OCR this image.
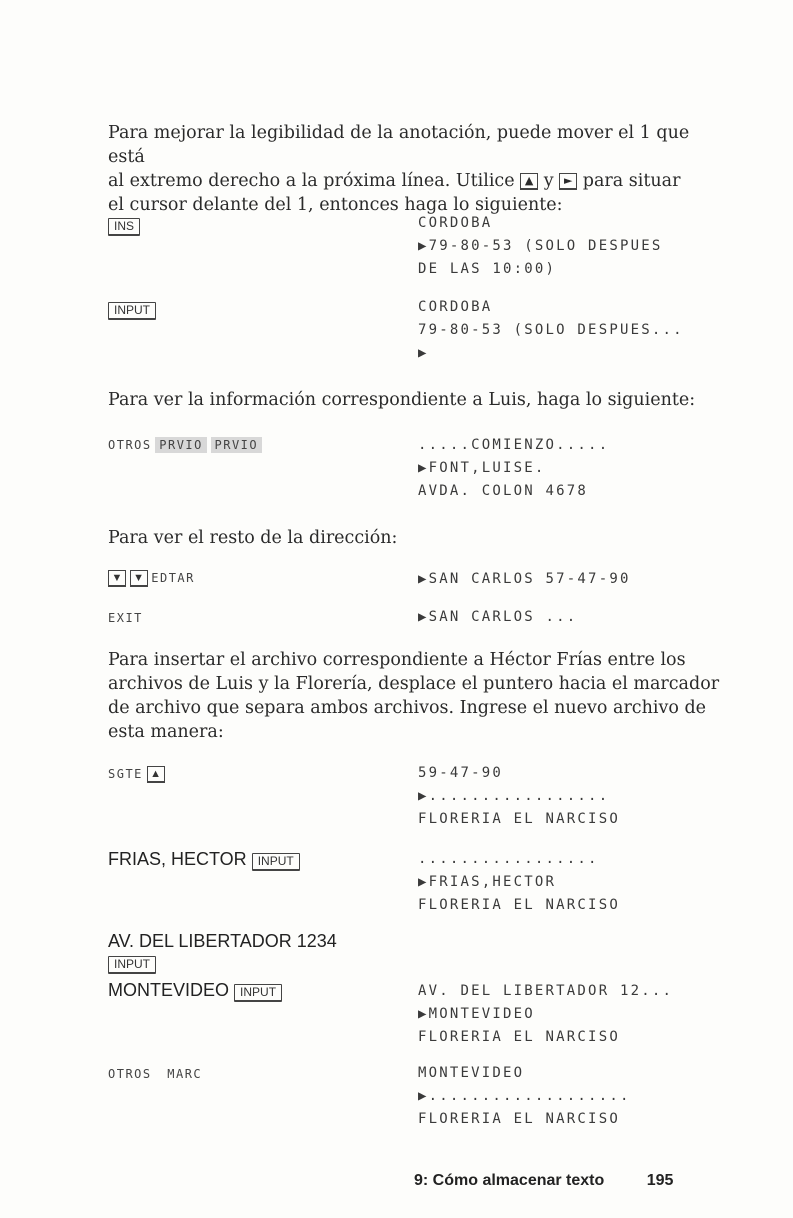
Para mejorar la legibilidad de la anotación, puede mover el 1 que está
al extremo derecho a la próxima línea. Utilice ▲ y ► para situar
el cursor delante del 1, entonces haga lo siguiente:
INS	CORDOBA
▶79-80-53 (SOLO DESPUES
DE LAS 10:00)
INPUT	CORDOBA
79-80-53 (SOLO DESPUES...
▶
Para ver la información correspondiente a Luis, haga lo siguiente:
OTROS PRVIO PRVIO	.....COMIENZO.....
▶FONT,LUISE.
AVDA. COLON 4678
Para ver el resto de la dirección:
▼ ▼ EDTAR	▶SAN CARLOS 57-47-90
EXIT	▶SAN CARLOS ...
Para insertar el archivo correspondiente a Héctor Frías entre los
archivos de Luis y la Florería, desplace el puntero hacia el marcador
de archivo que separa ambos archivos. Ingrese el nuevo archivo de
esta manera:
SGTE ▲	59-47-90
▶.................
FLORERIA EL NARCISO
FRIAS, HECTOR INPUT	.................
▶FRIAS,HECTOR
FLORERIA EL NARCISO
AV. DEL LIBERTADOR 1234
INPUT
MONTEVIDEO INPUT	AV. DEL LIBERTADOR 12...
▶MONTEVIDEO
FLORERIA EL NARCISO
OTROS MARC	MONTEVIDEO
▶...................
FLORERIA EL NARCISO
9: Cómo almacenar texto	195
